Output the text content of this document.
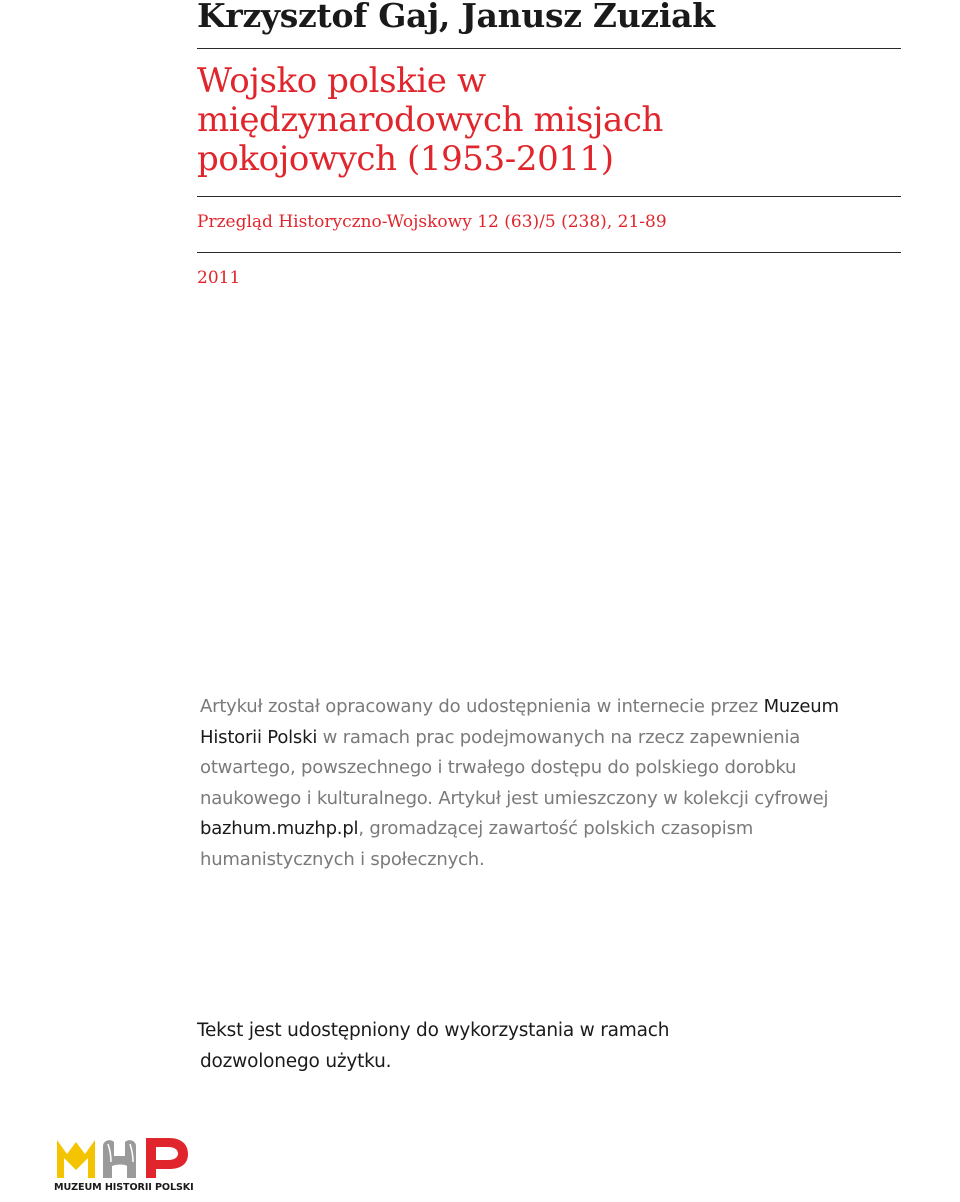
Krzysztof Gaj, Janusz Zuziak
Wojsko polskie w międzynarodowych misjach pokojowych (1953-2011)

Przegląd Historyczno-Wojskowy 12 (63)/5 (238), 21-89

2011

Artykuł został opracowany do udostępnienia w internecie przez Muzeum Historii Polski w ramach prac podejmowanych na rzecz zapewnienia otwartego, powszechnego i trwałego dostępu do polskiego dorobku naukowego i kulturalnego. Artykuł jest umieszczony w kolekcji cyfrowej bazhum.muzhp.pl, gromadzącej zawartość polskich czasopism humanistycznych i społecznych.

Tekst jest udostępniony do wykorzystania w ramach

dozwolonego użytku.

MUZEUM HISTORII POLSKI
